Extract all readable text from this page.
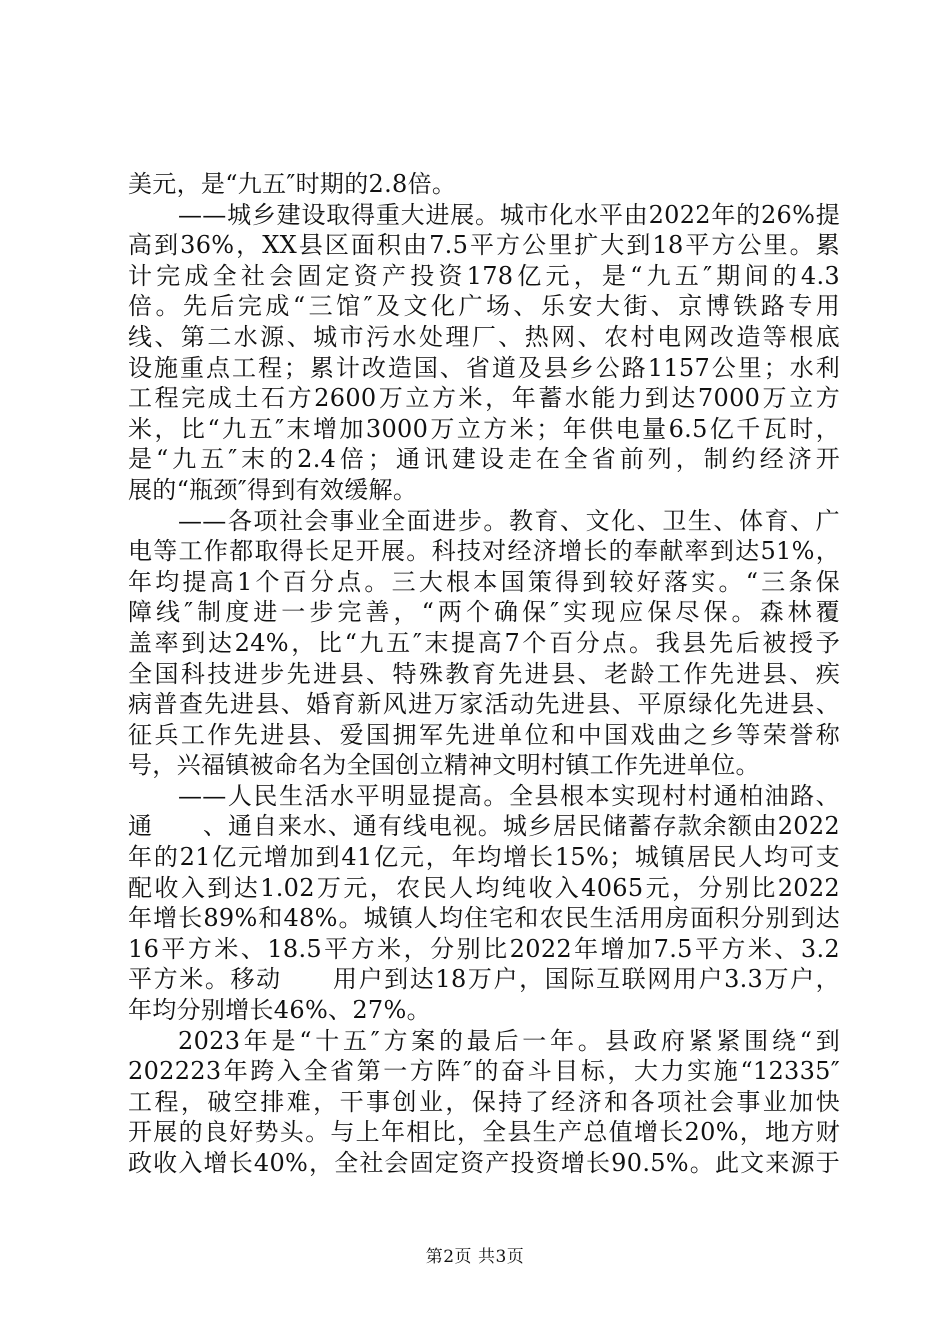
美元，是“九五″时期的2.8倍。
——城乡建设取得重大进展。城市化水平由2022年的26%提
高到36%，XX县区面积由7.5平方公里扩大到18平方公里。累
计完成全社会固定资产投资178亿元，是“九五″期间的4.3
倍。先后完成“三馆″及文化广场、乐安大街、京博铁路专用
线、第二水源、城市污水处理厂、热网、农村电网改造等根底
设施重点工程；累计改造国、省道及县乡公路1157公里；水利
工程完成土石方2600万立方米，年蓄水能力到达7000万立方
米，比“九五″末增加3000万立方米；年供电量6.5亿千瓦时，
是“九五″末的2.4倍；通讯建设走在全省前列，制约经济开
展的“瓶颈″得到有效缓解。
——各项社会事业全面进步。教育、文化、卫生、体育、广
电等工作都取得长足开展。科技对经济增长的奉献率到达51%，
年均提高1个百分点。三大根本国策得到较好落实。“三条保
障线″制度进一步完善，“两个确保″实现应保尽保。森林覆
盖率到达24%，比“九五″末提高7个百分点。我县先后被授予
全国科技进步先进县、特殊教育先进县、老龄工作先进县、疾
病普查先进县、婚育新风进万家活动先进县、平原绿化先进县、
征兵工作先进县、爱国拥军先进单位和中国戏曲之乡等荣誉称
号，兴福镇被命名为全国创立精神文明村镇工作先进单位。
——人民生活水平明显提高。全县根本实现村村通柏油路、
通　　、通自来水、通有线电视。城乡居民储蓄存款余额由2022
年的21亿元增加到41亿元，年均增长15%；城镇居民人均可支
配收入到达1.02万元，农民人均纯收入4065元，分别比2022
年增长89%和48%。城镇人均住宅和农民生活用房面积分别到达
16平方米、18.5平方米，分别比2022年增加7.5平方米、3.2
平方米。移动　　用户到达18万户，国际互联网用户3.3万户，
年均分别增长46%、27%。
2023年是“十五″方案的最后一年。县政府紧紧围绕“到
202223年跨入全省第一方阵″的奋斗目标，大力实施“12335″
工程，破空排难，干事创业，保持了经济和各项社会事业加快
开展的良好势头。与上年相比，全县生产总值增长20%，地方财
政收入增长40%，全社会固定资产投资增长90.5%。此文来源于
第2页 共3页
